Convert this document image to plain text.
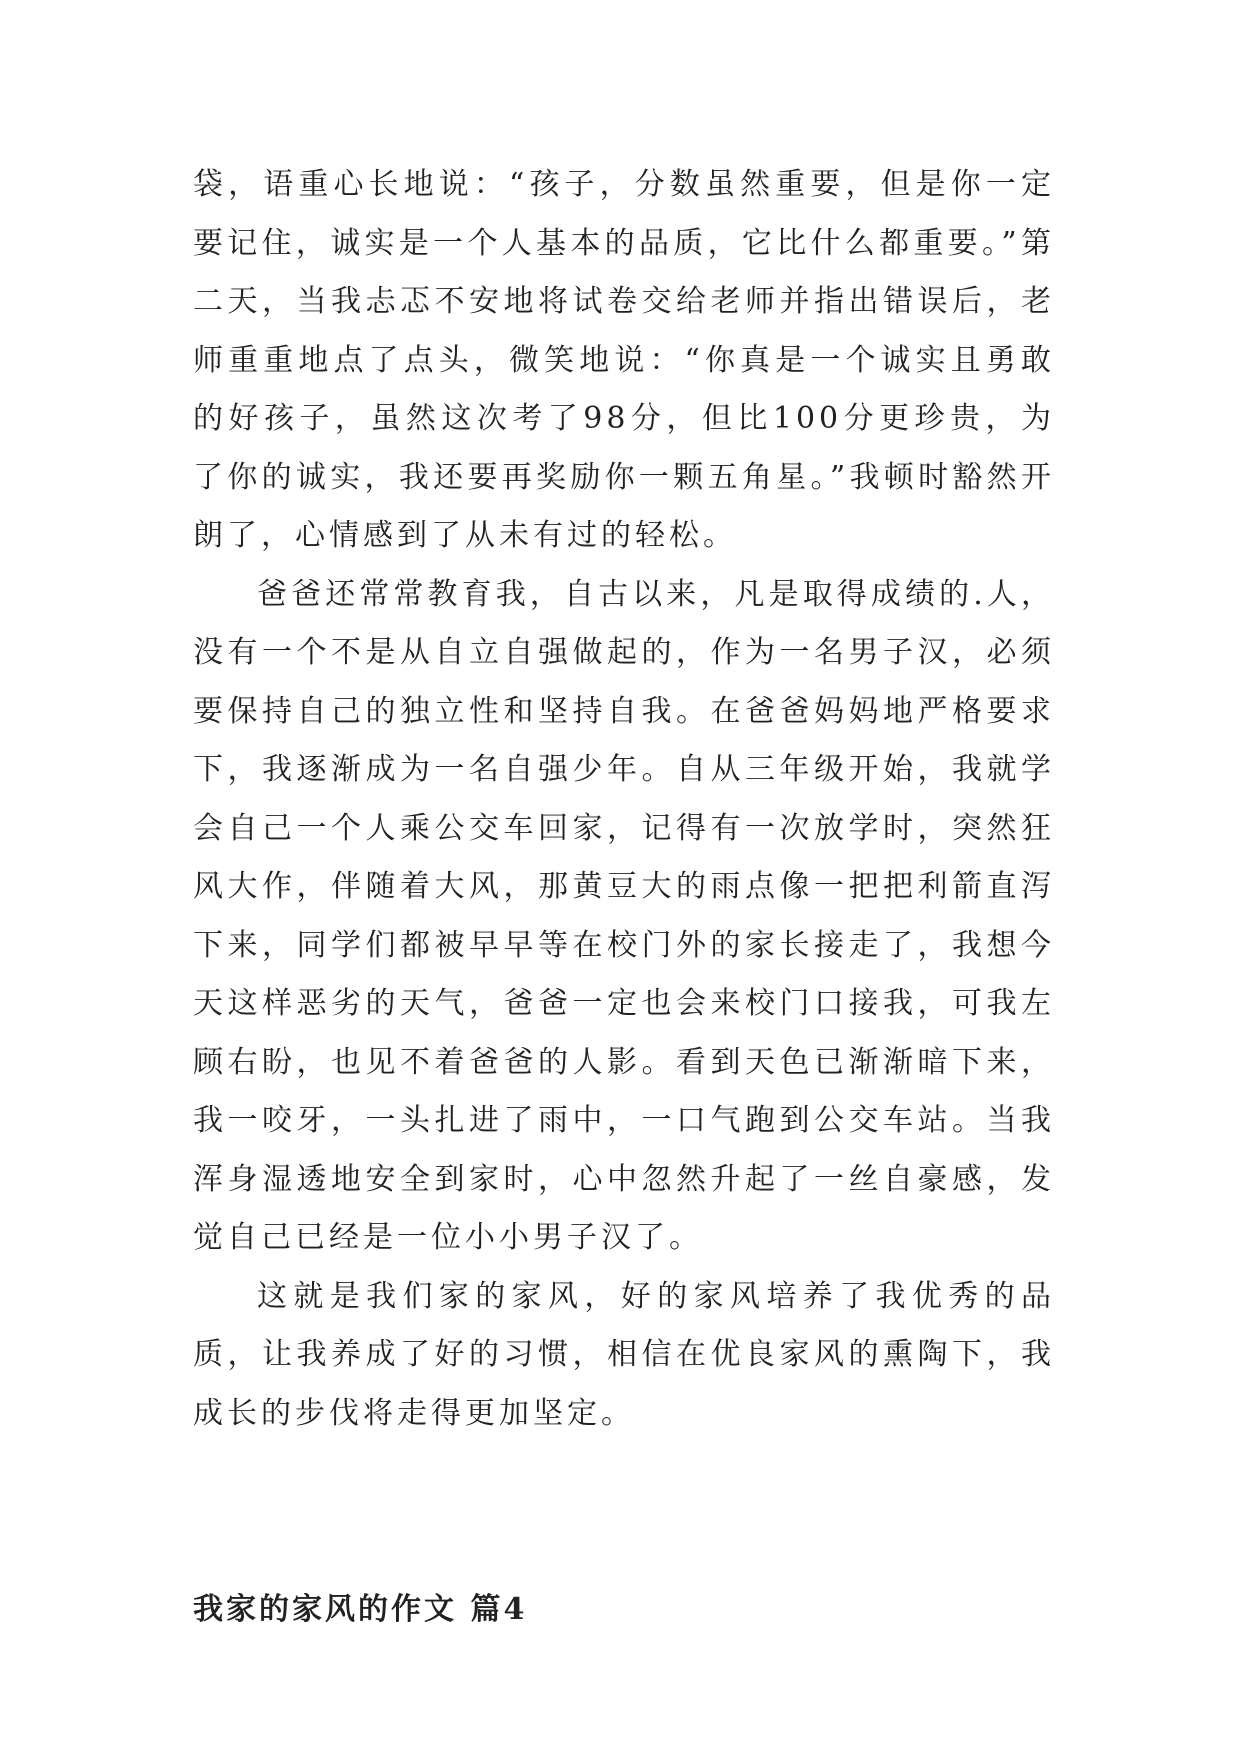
袋，语重心长地说：“孩子，分数虽然重要，但是你一定要记住，诚实是一个人基本的品质，它比什么都重要。”第二天，当我忐忑不安地将试卷交给老师并指出错误后，老师重重地点了点头，微笑地说：“你真是一个诚实且勇敢的好孩子，虽然这次考了98分，但比100分更珍贵，为了你的诚实，我还要再奖励你一颗五角星。”我顿时豁然开朗了，心情感到了从未有过的轻松。

爸爸还常常教育我，自古以来，凡是取得成绩的.人，没有一个不是从自立自强做起的，作为一名男子汉，必须要保持自己的独立性和坚持自我。在爸爸妈妈地严格要求下，我逐渐成为一名自强少年。自从三年级开始，我就学会自己一个人乘公交车回家，记得有一次放学时，突然狂风大作，伴随着大风，那黄豆大的雨点像一把把利箭直泻下来，同学们都被早早等在校门外的家长接走了，我想今天这样恶劣的天气，爸爸一定也会来校门口接我，可我左顾右盼，也见不着爸爸的人影。看到天色已渐渐暗下来，我一咬牙，一头扎进了雨中，一口气跑到公交车站。当我浑身湿透地安全到家时，心中忽然升起了一丝自豪感，发觉自己已经是一位小小男子汉了。

这就是我们家的家风，好的家风培养了我优秀的品质，让我养成了好的习惯，相信在优良家风的熏陶下，我成长的步伐将走得更加坚定。

我家的家风的作文 篇4
